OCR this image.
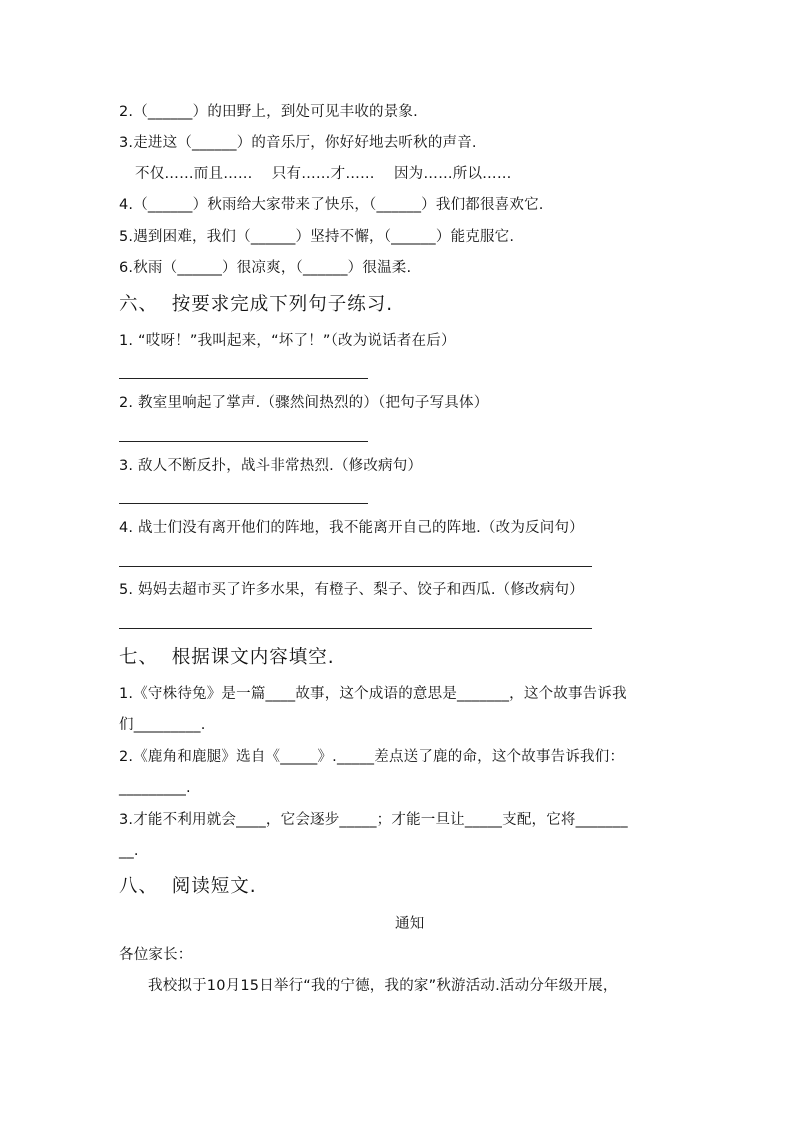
2.（______）的田野上，到处可见丰收的景象.
3.走进这（______）的音乐厅，你好好地去听秋的声音.
不仅……而且……    只有……才……    因为……所以……
4.（______）秋雨给大家带来了快乐，（______）我们都很喜欢它.
5.遇到困难，我们（______）坚持不懈，（______）能克服它.
6.秋雨（______）很凉爽，（______）很温柔.
六、  按要求完成下列句子练习.
1. “哎呀！”我叫起来，“坏了！”（改为说话者在后）
2. 教室里响起了掌声.（骤然间热烈的）（把句子写具体）
3. 敌人不断反扑，战斗非常热烈.（修改病句）
4. 战士们没有离开他们的阵地，我不能离开自己的阵地.（改为反问句）
5. 妈妈去超市买了许多水果，有橙子、梨子、饺子和西瓜.（修改病句）
七、  根据课文内容填空.
1.《守株待兔》是一篇____故事，这个成语的意思是_______，这个故事告诉我
们_________.
2.《鹿角和鹿腿》选自《_____》._____差点送了鹿的命，这个故事告诉我们：
_________.
3.才能不利用就会____，它会逐步_____；才能一旦让_____支配，它将_______
__.
八、  阅读短文.
通知
各位家长：
我校拟于10月15日举行“我的宁德，我的家”秋游活动.活动分年级开展，
